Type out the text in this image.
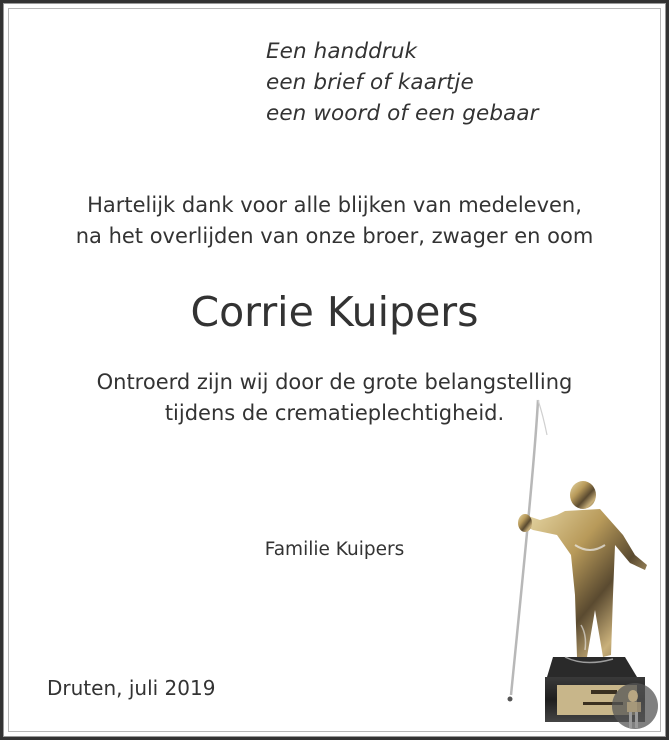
Een handdruk
een brief of kaartje
een woord of een gebaar
Hartelijk dank voor alle blijken van medeleven,
na het overlijden van onze broer, zwager en oom
Corrie Kuipers
Ontroerd zijn wij door de grote belangstelling
tijdens de crematieplechtigheid.
Familie Kuipers
Druten, juli 2019
